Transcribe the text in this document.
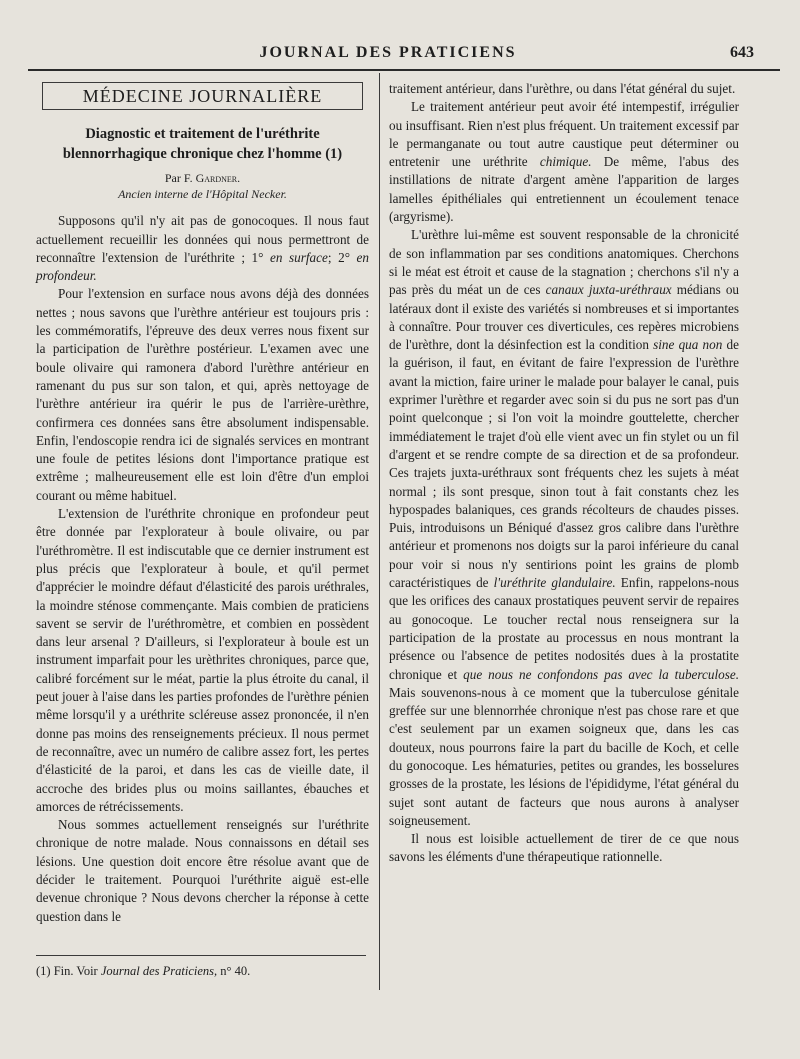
JOURNAL DES PRATICIENS	643
MÉDECINE JOURNALIÈRE

Diagnostic et traitement de l'uréthrite blennorrhagique chronique chez l'homme (1)

Par F. Gardner.

Ancien interne de l'Hôpital Necker.

Supposons qu'il n'y ait pas de gonocoques. Il nous faut actuellement recueillir les données qui nous permettront de reconnaître l'extension de l'uréthrite ; 1° en surface; 2° en profondeur.

Pour l'extension en surface nous avons déjà des données nettes ; nous savons que l'urèthre antérieur est toujours pris : les commémoratifs, l'épreuve des deux verres nous fixent sur la participation de l'urèthre postérieur. L'examen avec une boule olivaire qui ramonera d'abord l'urèthre antérieur en ramenant du pus sur son talon, et qui, après nettoyage de l'urèthre antérieur ira quérir le pus de l'arrière-urèthre, confirmera ces données sans être absolument indispensable. Enfin, l'endoscopie rendra ici de signalés services en montrant une foule de petites lésions dont l'importance pratique est extrême ; malheureusement elle est loin d'être d'un emploi courant ou même habituel.

L'extension de l'uréthrite chronique en profondeur peut être donnée par l'explorateur à boule olivaire, ou par l'uréthromètre. Il est indiscutable que ce dernier instrument est plus précis que l'explorateur à boule, et qu'il permet d'apprécier le moindre défaut d'élasticité des parois uréthrales, la moindre sténose commençante. Mais combien de praticiens savent se servir de l'uréthromètre, et combien en possèdent dans leur arsenal ? D'ailleurs, si l'explorateur à boule est un instrument imparfait pour les urèthrites chroniques, parce que, calibré forcément sur le méat, partie la plus étroite du canal, il peut jouer à l'aise dans les parties profondes de l'urèthre pénien même lorsqu'il y a uréthrite scléreuse assez prononcée, il n'en donne pas moins des renseignements précieux. Il nous permet de reconnaître, avec un numéro de calibre assez fort, les pertes d'élasticité de la paroi, et dans les cas de vieille date, il accroche des brides plus ou moins saillantes, ébauches et amorces de rétrécissements.

Nous sommes actuellement renseignés sur l'uréthrite chronique de notre malade. Nous connaissons en détail ses lésions. Une question doit encore être résolue avant que de décider le traitement. Pourquoi l'uréthrite aiguë est-elle devenue chronique ? Nous devons chercher la réponse à cette question dans le

(1) Fin. Voir Journal des Praticiens, n° 40.

traitement antérieur, dans l'urèthre, ou dans l'état général du sujet.

Le traitement antérieur peut avoir été intempestif, irrégulier ou insuffisant. Rien n'est plus fréquent. Un traitement excessif par le permanganate ou tout autre caustique peut déterminer ou entretenir une uréthrite chimique. De même, l'abus des instillations de nitrate d'argent amène l'apparition de larges lamelles épithéliales qui entretiennent un écoulement tenace (argyrisme).

L'urèthre lui-même est souvent responsable de la chronicité de son inflammation par ses conditions anatomiques. Cherchons si le méat est étroit et cause de la stagnation ; cherchons s'il n'y a pas près du méat un de ces canaux juxta-uréthraux médians ou latéraux dont il existe des variétés si nombreuses et si importantes à connaître. Pour trouver ces diverticules, ces repères microbiens de l'urèthre, dont la désinfection est la condition sine qua non de la guérison, il faut, en évitant de faire l'expression de l'urèthre avant la miction, faire uriner le malade pour balayer le canal, puis exprimer l'urèthre et regarder avec soin si du pus ne sort pas d'un point quelconque ; si l'on voit la moindre gouttelette, chercher immédiatement le trajet d'où elle vient avec un fin stylet ou un fil d'argent et se rendre compte de sa direction et de sa profondeur. Ces trajets juxta-uréthraux sont fréquents chez les sujets à méat normal ; ils sont presque, sinon tout à fait constants chez les hypospades balaniques, ces grands récolteurs de chaudes pisses. Puis, introduisons un Béniqué d'assez gros calibre dans l'urèthre antérieur et promenons nos doigts sur la paroi inférieure du canal pour voir si nous n'y sentirions point les grains de plomb caractéristiques de l'uréthrite glandulaire. Enfin, rappelons-nous que les orifices des canaux prostatiques peuvent servir de repaires au gonocoque. Le toucher rectal nous renseignera sur la participation de la prostate au processus en nous montrant la présence ou l'absence de petites nodosités dues à la prostatite chronique et que nous ne confondons pas avec la tuberculose. Mais souvenons-nous à ce moment que la tuberculose génitale greffée sur une blennorrhée chronique n'est pas chose rare et que c'est seulement par un examen soigneux que, dans les cas douteux, nous pourrons faire la part du bacille de Koch, et celle du gonocoque. Les hématuries, petites ou grandes, les bosselures grosses de la prostate, les lésions de l'épididyme, l'état général du sujet sont autant de facteurs que nous aurons à analyser soigneusement.

Il nous est loisible actuellement de tirer de ce que nous savons les éléments d'une thérapeutique rationnelle.
